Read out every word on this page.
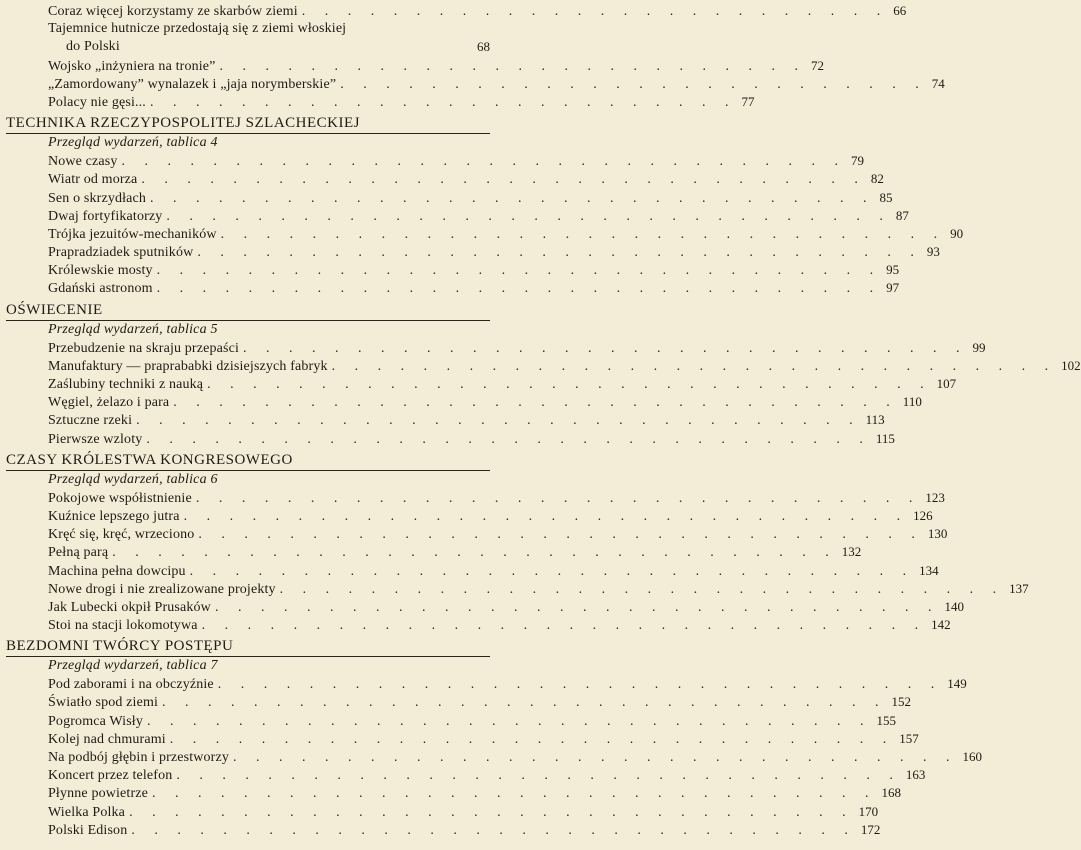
Coraz więcej korzystamy ze skarbów ziemi . . . . . . . . . . . . . . . . . . . . . . . . . . 66
Tajemnice hutnicze przedostają się z ziemi włoskiej
do Polski	68
Wojsko „inżyniera na tronie” . . . . . . . . . . . . . . . . . . . . . . . . . . 72
„Zamordowany” wynalazek i „jaja norymberskie” . . . . . . . . . . . . . . . . . . . . . . . . . . 74
Polacy nie gęsi... . . . . . . . . . . . . . . . . . . . . . . . . . . 77
TECHNIKA RZECZYPOSPOLITEJ SZLACHECKIEJ
Przegląd wydarzeń, tablica 4
Nowe czasy . . . . . . . . . . . . . . . . . . . . . . . . . . . . . . . . 79
Wiatr od morza . . . . . . . . . . . . . . . . . . . . . . . . . . . . . . . . 82
Sen o skrzydłach . . . . . . . . . . . . . . . . . . . . . . . . . . . . . . . . 85
Dwaj fortyfikatorzy . . . . . . . . . . . . . . . . . . . . . . . . . . . . . . . . 87
Trójka jezuitów-mechaników . . . . . . . . . . . . . . . . . . . . . . . . . . . . . . . . 90
Prapradziadek sputników . . . . . . . . . . . . . . . . . . . . . . . . . . . . . . . . 93
Królewskie mosty . . . . . . . . . . . . . . . . . . . . . . . . . . . . . . . . 95
Gdański astronom . . . . . . . . . . . . . . . . . . . . . . . . . . . . . . . . 97
OŚWIECENIE
Przegląd wydarzeń, tablica 5
Przebudzenie na skraju przepaści . . . . . . . . . . . . . . . . . . . . . . . . . . . . . . . . 99
Manufaktury — praprababki dzisiejszych fabryk . . . . . . . . . . . . . . . . . . . . . . . . . . . . . . . . 102
Zaślubiny techniki z nauką . . . . . . . . . . . . . . . . . . . . . . . . . . . . . . . . 107
Węgiel, żelazo i para . . . . . . . . . . . . . . . . . . . . . . . . . . . . . . . . 110
Sztuczne rzeki . . . . . . . . . . . . . . . . . . . . . . . . . . . . . . . . 113
Pierwsze wzloty . . . . . . . . . . . . . . . . . . . . . . . . . . . . . . . . 115
CZASY KRÓLESTWA KONGRESOWEGO
Przegląd wydarzeń, tablica 6
Pokojowe współistnienie . . . . . . . . . . . . . . . . . . . . . . . . . . . . . . . . 123
Kuźnice lepszego jutra . . . . . . . . . . . . . . . . . . . . . . . . . . . . . . . . 126
Kręć się, kręć, wrzeciono . . . . . . . . . . . . . . . . . . . . . . . . . . . . . . . . 130
Pełną parą . . . . . . . . . . . . . . . . . . . . . . . . . . . . . . . . 132
Machina pełna dowcipu . . . . . . . . . . . . . . . . . . . . . . . . . . . . . . . . 134
Nowe drogi i nie zrealizowane projekty . . . . . . . . . . . . . . . . . . . . . . . . . . . . . . . . 137
Jak Lubecki okpił Prusaków . . . . . . . . . . . . . . . . . . . . . . . . . . . . . . . . 140
Stoi na stacji lokomotywa . . . . . . . . . . . . . . . . . . . . . . . . . . . . . . . . 142
BEZDOMNI TWÓRCY POSTĘPU
Przegląd wydarzeń, tablica 7
Pod zaborami i na obczyźnie . . . . . . . . . . . . . . . . . . . . . . . . . . . . . . . . 149
Światło spod ziemi . . . . . . . . . . . . . . . . . . . . . . . . . . . . . . . . 152
Pogromca Wisły . . . . . . . . . . . . . . . . . . . . . . . . . . . . . . . . 155
Kolej nad chmurami . . . . . . . . . . . . . . . . . . . . . . . . . . . . . . . . 157
Na podbój głębin i przestworzy . . . . . . . . . . . . . . . . . . . . . . . . . . . . . . . . 160
Koncert przez telefon . . . . . . . . . . . . . . . . . . . . . . . . . . . . . . . . 163
Płynne powietrze . . . . . . . . . . . . . . . . . . . . . . . . . . . . . . . . 168
Wielka Polka . . . . . . . . . . . . . . . . . . . . . . . . . . . . . . . . 170
Polski Edison . . . . . . . . . . . . . . . . . . . . . . . . . . . . . . . . 172
